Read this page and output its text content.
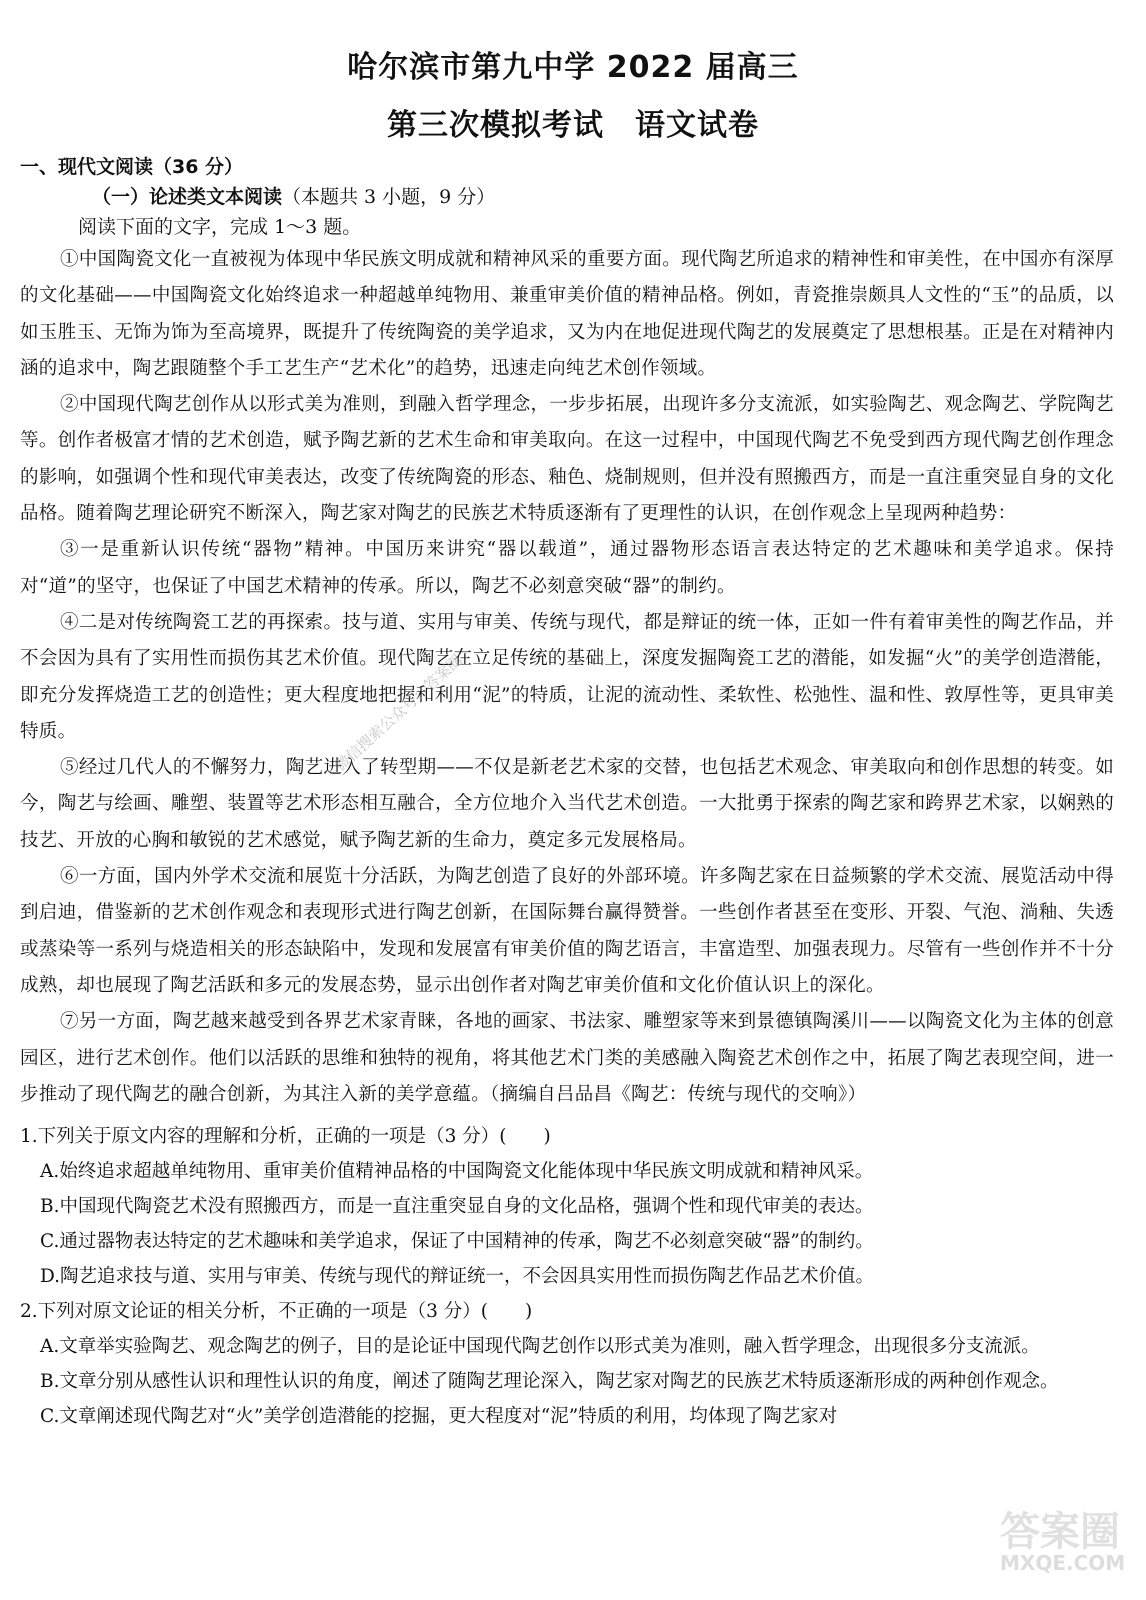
哈尔滨市第九中学 2022 届高三
第三次模拟考试　语文试卷

一、现代文阅读（36 分）

（一）论述类文本阅读（本题共 3 小题，9 分）

阅读下面的文字，完成 1～3 题。

①中国陶瓷文化一直被视为体现中华民族文明成就和精神风采的重要方面。现代陶艺所追求的精神性和审美性，在中国亦有深厚的文化基础——中国陶瓷文化始终追求一种超越单纯物用、兼重审美价值的精神品格。例如，青瓷推崇颇具人文性的“玉”的品质，以如玉胜玉、无饰为饰为至高境界，既提升了传统陶瓷的美学追求，又为内在地促进现代陶艺的发展奠定了思想根基。正是在对精神内涵的追求中，陶艺跟随整个手工艺生产“艺术化”的趋势，迅速走向纯艺术创作领域。

②中国现代陶艺创作从以形式美为准则，到融入哲学理念，一步步拓展，出现许多分支流派，如实验陶艺、观念陶艺、学院陶艺等。创作者极富才情的艺术创造，赋予陶艺新的艺术生命和审美取向。在这一过程中，中国现代陶艺不免受到西方现代陶艺创作理念的影响，如强调个性和现代审美表达，改变了传统陶瓷的形态、釉色、烧制规则，但并没有照搬西方，而是一直注重突显自身的文化品格。随着陶艺理论研究不断深入，陶艺家对陶艺的民族艺术特质逐渐有了更理性的认识，在创作观念上呈现两种趋势：

③一是重新认识传统“器物”精神。中国历来讲究“器以载道”，通过器物形态语言表达特定的艺术趣味和美学追求。保持对“道”的坚守，也保证了中国艺术精神的传承。所以，陶艺不必刻意突破“器”的制约。

④二是对传统陶瓷工艺的再探索。技与道、实用与审美、传统与现代，都是辩证的统一体，正如一件有着审美性的陶艺作品，并不会因为具有了实用性而损伤其艺术价值。现代陶艺在立足传统的基础上，深度发掘陶瓷工艺的潜能，如发掘“火”的美学创造潜能，即充分发挥烧造工艺的创造性；更大程度地把握和利用“泥”的特质，让泥的流动性、柔软性、松弛性、温和性、敦厚性等，更具审美特质。

⑤经过几代人的不懈努力，陶艺进入了转型期——不仅是新老艺术家的交替，也包括艺术观念、审美取向和创作思想的转变。如今，陶艺与绘画、雕塑、装置等艺术形态相互融合，全方位地介入当代艺术创造。一大批勇于探索的陶艺家和跨界艺术家，以娴熟的技艺、开放的心胸和敏锐的艺术感觉，赋予陶艺新的生命力，奠定多元发展格局。

⑥一方面，国内外学术交流和展览十分活跃，为陶艺创造了良好的外部环境。许多陶艺家在日益频繁的学术交流、展览活动中得到启迪，借鉴新的艺术创作观念和表现形式进行陶艺创新，在国际舞台赢得赞誉。一些创作者甚至在变形、开裂、气泡、淌釉、失透或蒸染等一系列与烧造相关的形态缺陷中，发现和发展富有审美价值的陶艺语言，丰富造型、加强表现力。尽管有一些创作并不十分成熟，却也展现了陶艺活跃和多元的发展态势，显示出创作者对陶艺审美价值和文化价值认识上的深化。

⑦另一方面，陶艺越来越受到各界艺术家青睐，各地的画家、书法家、雕塑家等来到景德镇陶溪川——以陶瓷文化为主体的创意园区，进行艺术创作。他们以活跃的思维和独特的视角，将其他艺术门类的美感融入陶瓷艺术创作之中，拓展了陶艺表现空间，进一步推动了现代陶艺的融合创新，为其注入新的美学意蕴。（摘编自吕品昌《陶艺：传统与现代的交响》）

1.下列关于原文内容的理解和分析，正确的一项是（3 分）(　　)

A.始终追求超越单纯物用、重审美价值精神品格的中国陶瓷文化能体现中华民族文明成就和精神风采。

B.中国现代陶瓷艺术没有照搬西方，而是一直注重突显自身的文化品格，强调个性和现代审美的表达。

C.通过器物表达特定的艺术趣味和美学追求，保证了中国精神的传承，陶艺不必刻意突破“器”的制约。

D.陶艺追求技与道、实用与审美、传统与现代的辩证统一，不会因具实用性而损伤陶艺作品艺术价值。

2.下列对原文论证的相关分析，不正确的一项是（3 分）(　　)

A.文章举实验陶艺、观念陶艺的例子，目的是论证中国现代陶艺创作以形式美为准则，融入哲学理念，出现很多分支流派。

B.文章分别从感性认识和理性认识的角度，阐述了随陶艺理论深入，陶艺家对陶艺的民族艺术特质逐渐形成的两种创作观念。

C.文章阐述现代陶艺对“火”美学创造潜能的挖掘，更大程度对“泥”特质的利用，均体现了陶艺家对

微信搜索公众号：答案圈
答案圈
MXQE.COM
